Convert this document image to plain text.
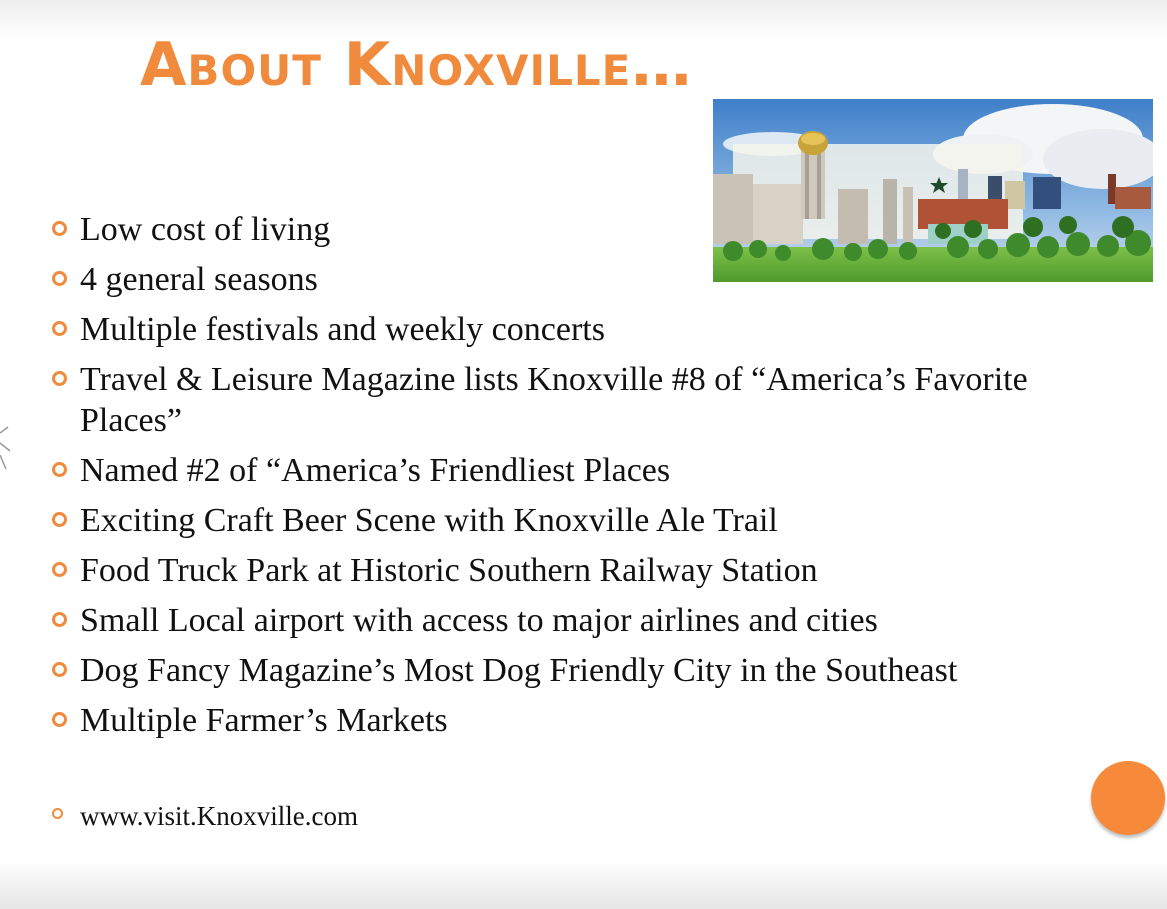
About Knoxville…
Low cost of living
4 general seasons
Multiple festivals and weekly concerts
Travel & Leisure Magazine lists Knoxville #8 of “America’s Favorite Places”
Named #2 of “America’s Friendliest Places
Exciting Craft Beer Scene with Knoxville Ale Trail
Food Truck Park at Historic Southern Railway Station
Small Local airport with access to major airlines and cities
Dog Fancy Magazine’s Most Dog Friendly City in the Southeast
Multiple Farmer’s Markets
www.visit.Knoxville.com
